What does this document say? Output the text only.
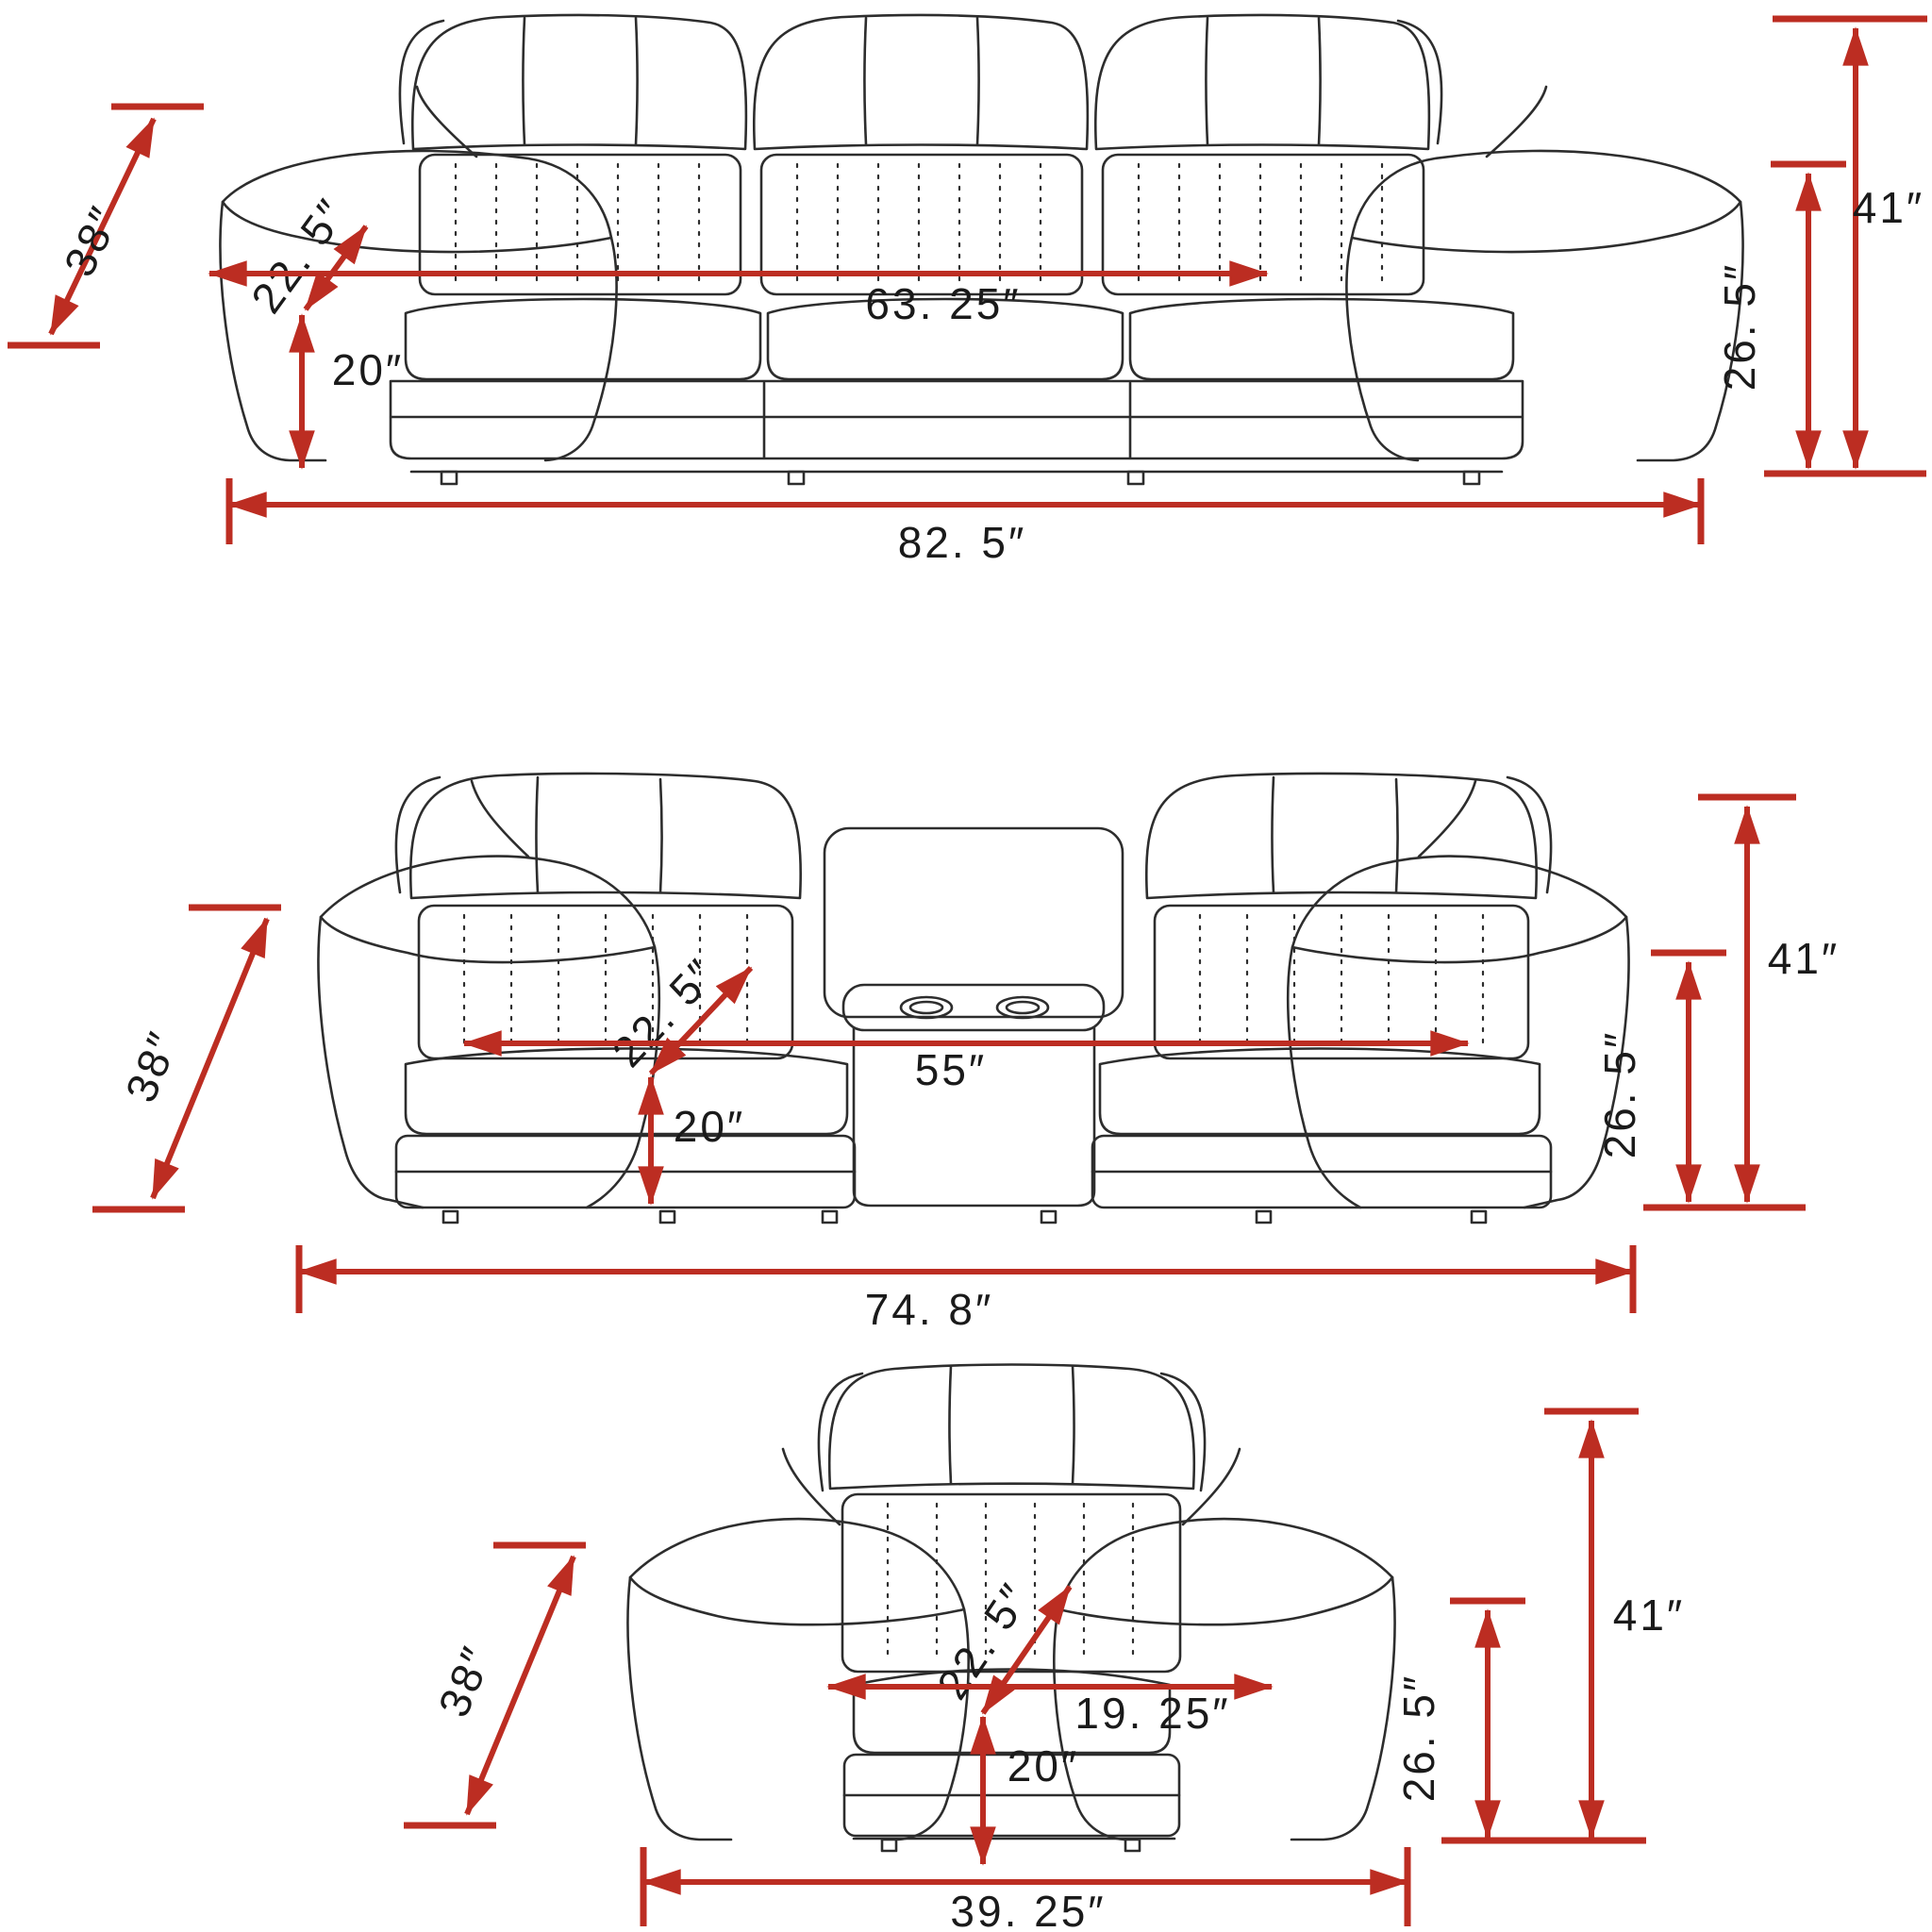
38″	22. 5″	63. 25″
20″	26. 5″
41″
82. 5″
38″	22. 5″	55″
20″	26. 5″
41″
74. 8″
38″	22. 5″
19. 25″
20″	26. 5″
41″
39. 25″
